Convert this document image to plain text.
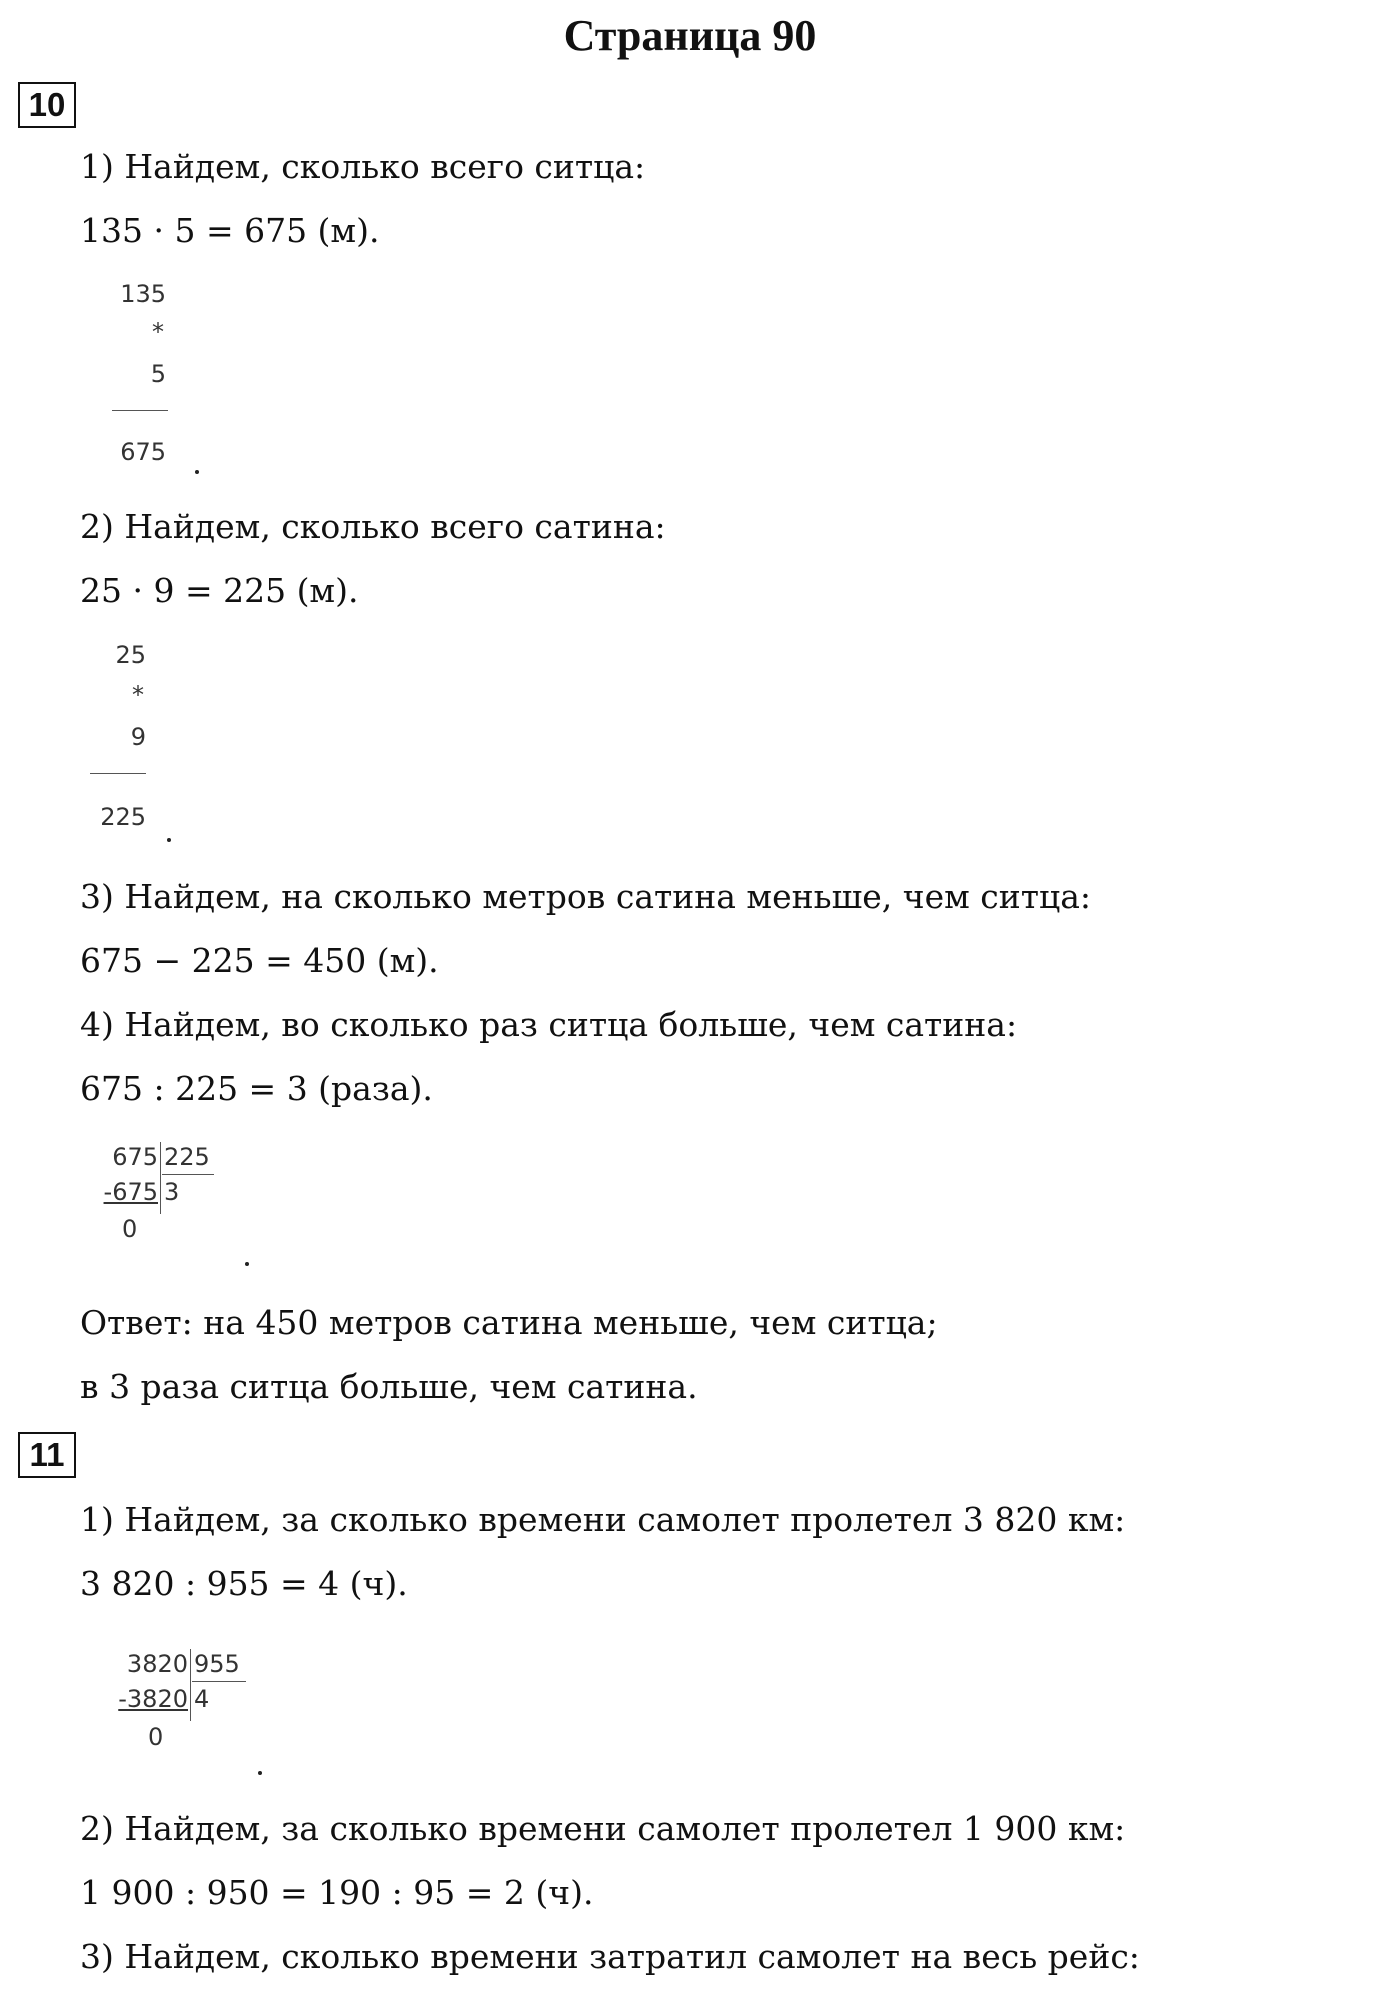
Страница 90
10
1) Найдем, сколько всего ситца:
135 · 5 = 675 (м).
135
*
5
675
2) Найдем, сколько всего сатина:
25 · 9 = 225 (м).
25
*
9
225
3) Найдем, на сколько метров сатина меньше, чем ситца:
675 − 225 = 450 (м).
4) Найдем, во сколько раз ситца больше, чем сатина:
675 : 225 = 3 (раза).
675 225
-675 3
0
Ответ: на 450 метров сатина меньше, чем ситца;
в 3 раза ситца больше, чем сатина.
11
1) Найдем, за сколько времени самолет пролетел 3 820 км:
3 820 : 955 = 4 (ч).
3820 955
-3820 4
0
2) Найдем, за сколько времени самолет пролетел 1 900 км:
1 900 : 950 = 190 : 95 = 2 (ч).
3) Найдем, сколько времени затратил самолет на весь рейс:
